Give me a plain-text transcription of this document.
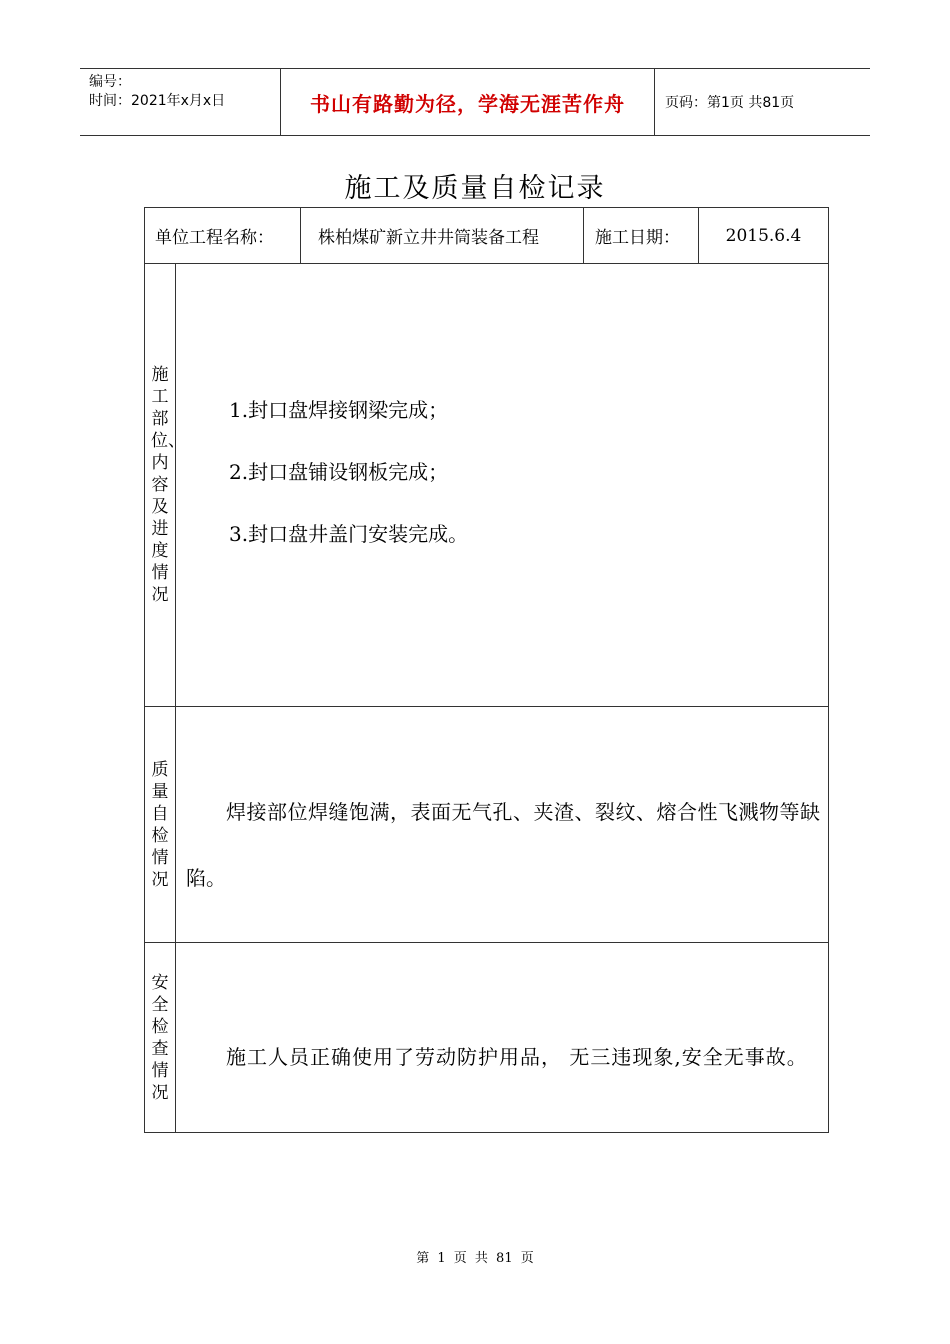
编号：
时间：2021年x月x日	书山有路勤为径，学海无涯苦作舟	页码：第1页 共81页
施工及质量自检记录
单位工程名称：	株柏煤矿新立井井筒装备工程	施工日期：	2015.6.4
施工部位、内容及进度情况
1.封口盘焊接钢梁完成；
2.封口盘铺设钢板完成；
3.封口盘井盖门安装完成。
质量自检情况
焊接部位焊缝饱满，表面无气孔、夹渣、裂纹、熔合性飞溅物等缺陷。
安全检查情况
施工人员正确使用了劳动防护用品， 无三违现象,安全无事故。
第 1 页 共 81 页
